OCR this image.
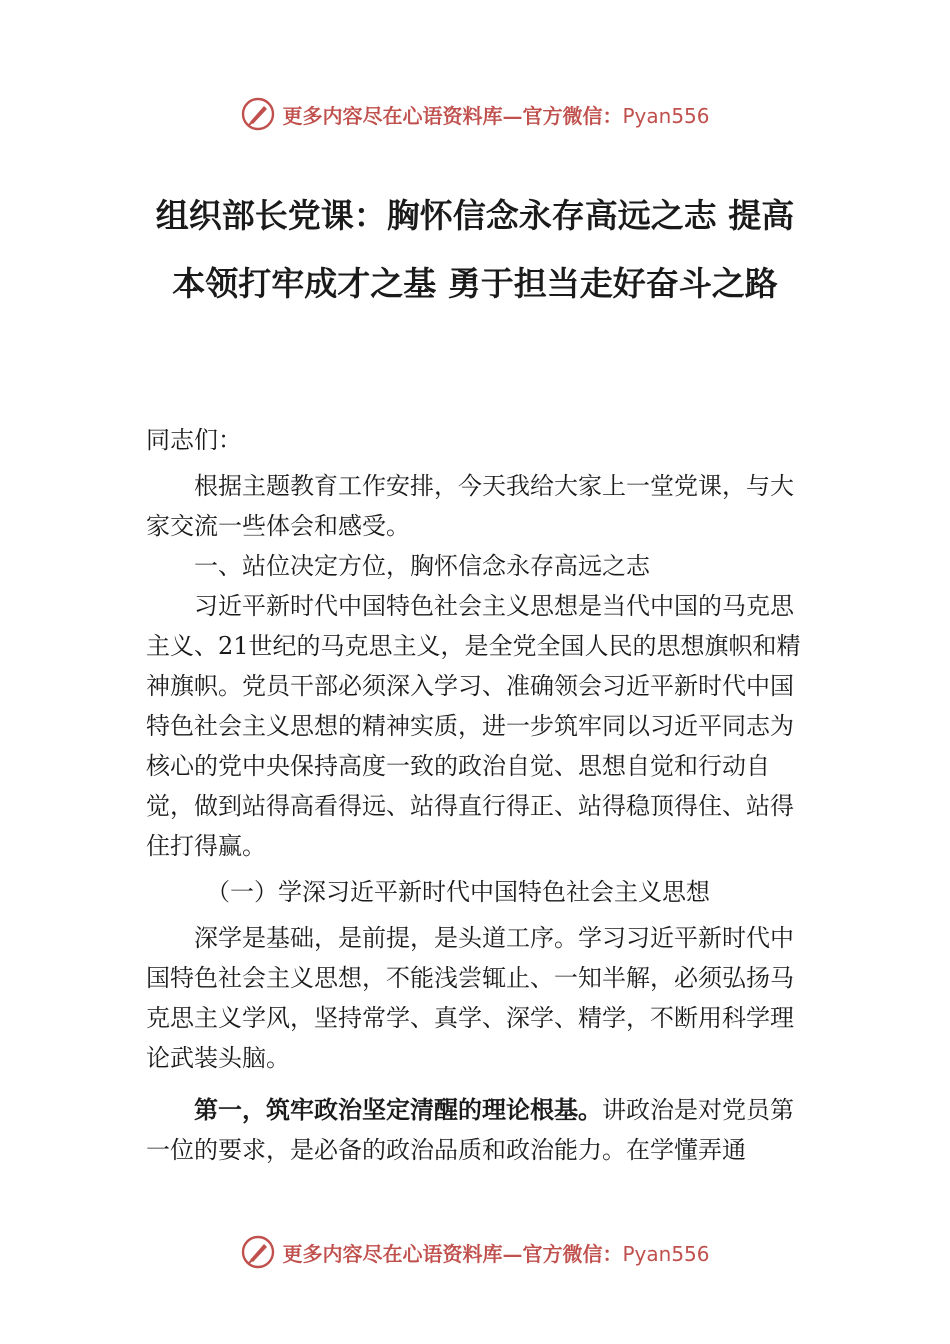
更多内容尽在心语资料库—官方微信：Pyan556
组织部长党课：胸怀信念永存高远之志 提高本领打牢成才之基 勇于担当走好奋斗之路

同志们：

根据主题教育工作安排，今天我给大家上一堂党课，与大家交流一些体会和感受。

一、站位决定方位，胸怀信念永存高远之志

习近平新时代中国特色社会主义思想是当代中国的马克思主义、21世纪的马克思主义，是全党全国人民的思想旗帜和精神旗帜。党员干部必须深入学习、准确领会习近平新时代中国特色社会主义思想的精神实质，进一步筑牢同以习近平同志为核心的党中央保持高度一致的政治自觉、思想自觉和行动自觉，做到站得高看得远、站得直行得正、站得稳顶得住、站得住打得赢。

（一）学深习近平新时代中国特色社会主义思想

深学是基础，是前提，是头道工序。学习习近平新时代中国特色社会主义思想，不能浅尝辄止、一知半解，必须弘扬马克思主义学风，坚持常学、真学、深学、精学，不断用科学理论武装头脑。

第一，筑牢政治坚定清醒的理论根基。讲政治是对党员第一位的要求，是必备的政治品质和政治能力。在学懂弄通

更多内容尽在心语资料库—官方微信：Pyan556
